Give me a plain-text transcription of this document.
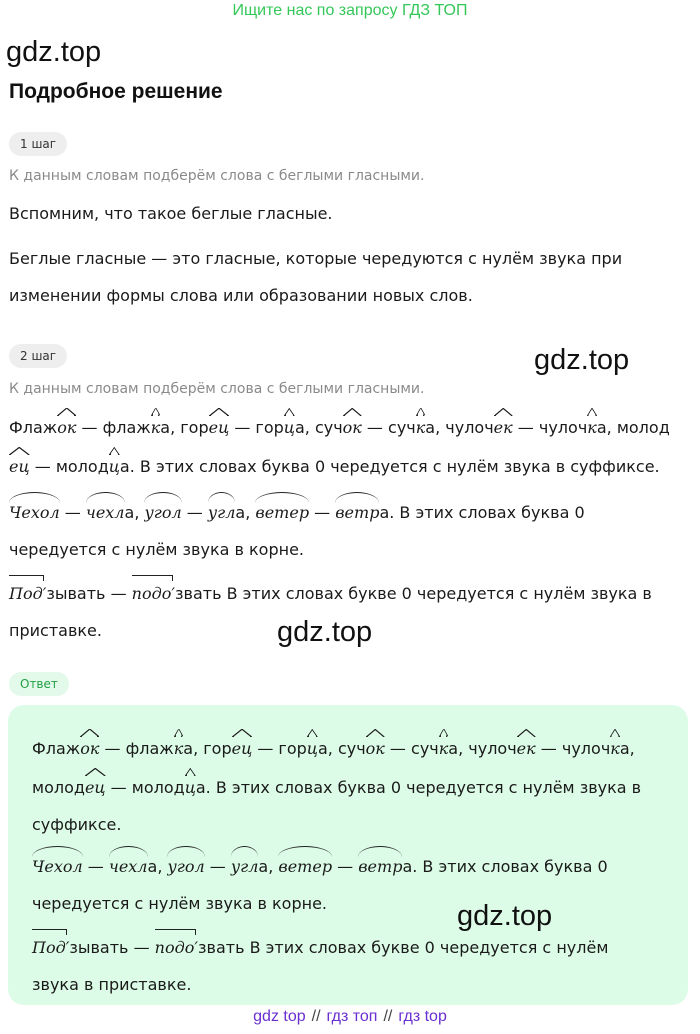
Ищите нас по запросу ГДЗ ТОП
gdz.top
Подробное решение
1 шаг
К данным словам подберём слова с беглыми гласными.
Вспомним, что такое беглые гласные.
Беглые гласные — это гласные, которые чередуются с нулём звука при
изменении формы слова или образовании новых слов.
2 шаг
К данным словам подберём слова с беглыми гласными.
Флажок — флажка, горец — горца, сучок — сучка, чулочек — чулочка, молод
ец — молодца. В этих словах буква 0 чередуется с нулём звука в суффиксе.
Чехол — чехла, угол — угла, ветер — ветра. В этих словах буква 0
чередуется с нулём звука в корне.
Под′зывать — подо′звать В этих словах букве 0 чередуется с нулём звука в
приставке.
Ответ
Флажок — флажка, горец — горца, сучок — сучка, чулочек — чулочка,
молодец — молодца. В этих словах буква 0 чередуется с нулём звука в
суффиксе.
Чехол — чехла, угол — угла, ветер — ветра. В этих словах буква 0
чередуется с нулём звука в корне.
Под′зывать — подо′звать В этих словах букве 0 чередуется с нулём
звука в приставке.
gdz.top
gdz.top
gdz.top
gdz top // гдз топ // гдз top
